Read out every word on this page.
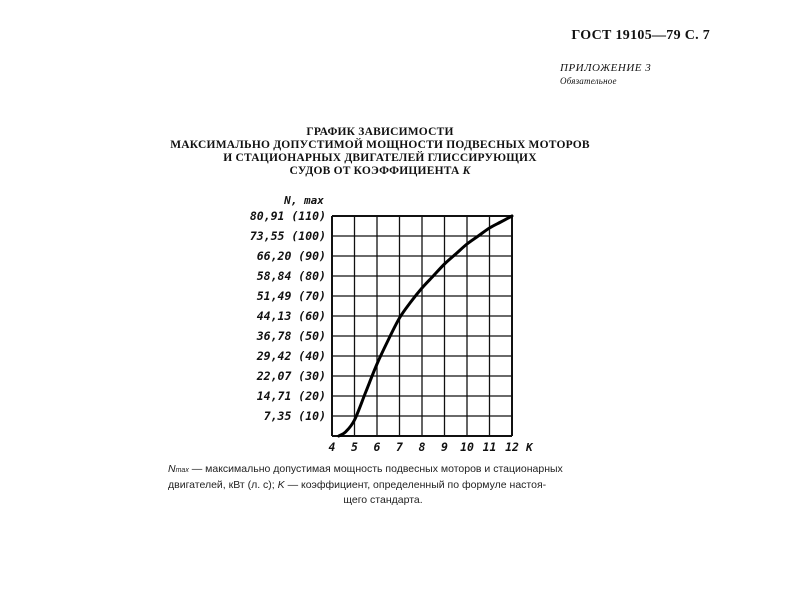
ГОСТ 19105—79 С. 7
ПРИЛОЖЕНИЕ 3
Обязательное
ГРАФИК ЗАВИСИМОСТИ
МАКСИМАЛЬНО ДОПУСТИМОЙ МОЩНОСТИ ПОДВЕСНЫХ МОТОРОВ
И СТАЦИОНАРНЫХ ДВИГАТЕЛЕЙ ГЛИССИРУЮЩИХ
СУДОВ ОТ КОЭФФИЦИЕНТА K
7,35 (10)
14,71 (20)
22,07 (30)
29,42 (40)
36,78 (50)
44,13 (60)
51,49 (70)
58,84 (80)
66,20 (90)
73,55 (100)
80,91 (110)
4 5 6 7 8 9 10 11 12
N, max
K
Nmax — максимально допустимая мощность подвесных моторов и стационарных
двигателей, кВт (л. с); K — коэффициент, определенный по формуле настоя-
щего стандарта.
